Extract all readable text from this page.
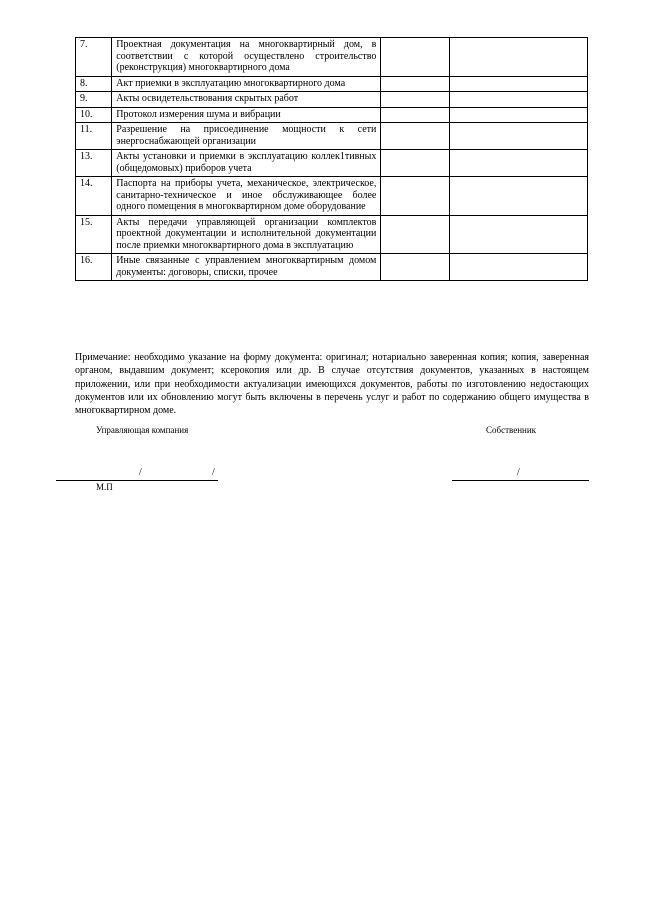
7.	Проектная документация на многоквартирный дом, в соответствии с которой осуществлено строительство (реконструкция) многоквартирного дома		
8.	Акт приемки в эксплуатацию многоквартирного дома		
9.	Акты освидетельствования скрытых работ		
10.	Протокол измерения шума и вибрации		
11.	Разрешение на присоединение мощности к сети энергоснабжающей организации		
13.	Акты установки и приемки в эксплуатацию коллек1тивных (общедомовых) приборов учета		
14.	Паспорта на приборы учета, механическое, электрическое, санитарно-техническое и иное обслуживающее более одного помещения в многоквартирном доме оборудование		
15.	Акты передачи управляющей организации комплектов проектной документации и исполнительной документации после приемки многоквартирного дома в эксплуатацию		
16.	Иные связанные с управлением многоквартирным домом документы: договоры, списки, прочее		
Примечание: необходимо указание на форму документа: оригинал; нотариально заверенная копия; копия, заверенная органом, выдавшим документ; ксерокопия или др. В случае отсутствия документов, указанных в настоящем приложении, или при необходимости актуализации имеющихся документов, работы по изготовлению недостающих документов или их обновлению могут быть включены в перечень услуг и работ по содержанию общего имущества в многоквартирном доме.
Управляющая компания	Собственник
/	/	/
М.П
